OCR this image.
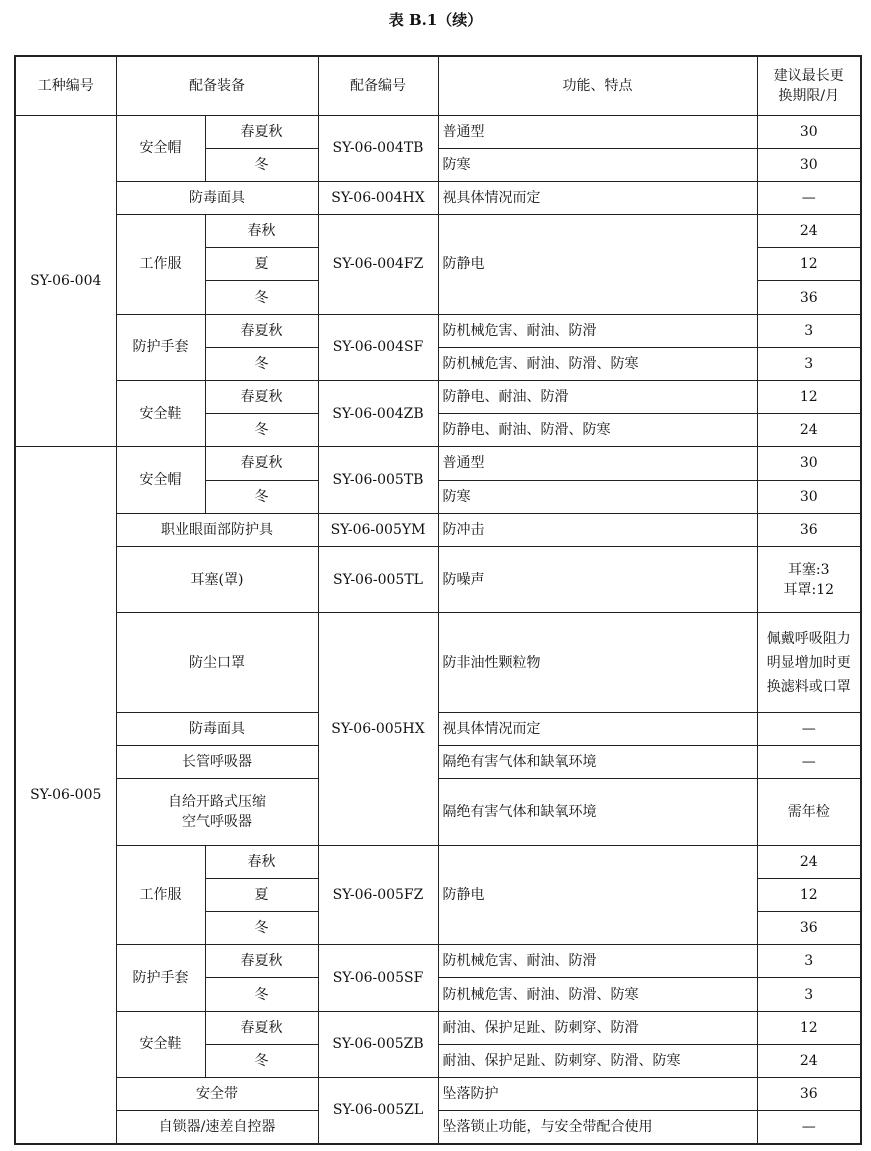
表 B.1（续）
工种编号	配备装备		配备编号	功能、特点	建议最长更
换期限/月
SY-06-004	安全帽	春夏秋	SY-06-004TB	普通型	30
		冬		防寒	30
	防毒面具		SY-06-004HX	视具体情况而定	—
	工作服	春秋	SY-06-004FZ	防静电	24
		夏			12
		冬			36
	防护手套	春夏秋	SY-06-004SF	防机械危害、耐油、防滑	3
		冬		防机械危害、耐油、防滑、防寒	3
	安全鞋	春夏秋	SY-06-004ZB	防静电、耐油、防滑	12
		冬		防静电、耐油、防滑、防寒	24
SY-06-005	安全帽	春夏秋	SY-06-005TB	普通型	30
		冬		防寒	30
	职业眼面部防护具		SY-06-005YM	防冲击	36
	耳塞(罩)		SY-06-005TL	防噪声	耳塞:3
耳罩:12
	防尘口罩		SY-06-005HX	防非油性颗粒物	佩戴呼吸阻力
明显增加时更
换滤料或口罩
	防毒面具			视具体情况而定	—
	长管呼吸器			隔绝有害气体和缺氧环境	—
	自给开路式压缩
空气呼吸器			隔绝有害气体和缺氧环境	需年检
	工作服	春秋	SY-06-005FZ	防静电	24
		夏			12
		冬			36
	防护手套	春夏秋	SY-06-005SF	防机械危害、耐油、防滑	3
		冬		防机械危害、耐油、防滑、防寒	3
	安全鞋	春夏秋	SY-06-005ZB	耐油、保护足趾、防刺穿、防滑	12
		冬		耐油、保护足趾、防刺穿、防滑、防寒	24
	安全带		SY-06-005ZL	坠落防护	36
	自锁器/速差自控器			坠落锁止功能，与安全带配合使用	—
